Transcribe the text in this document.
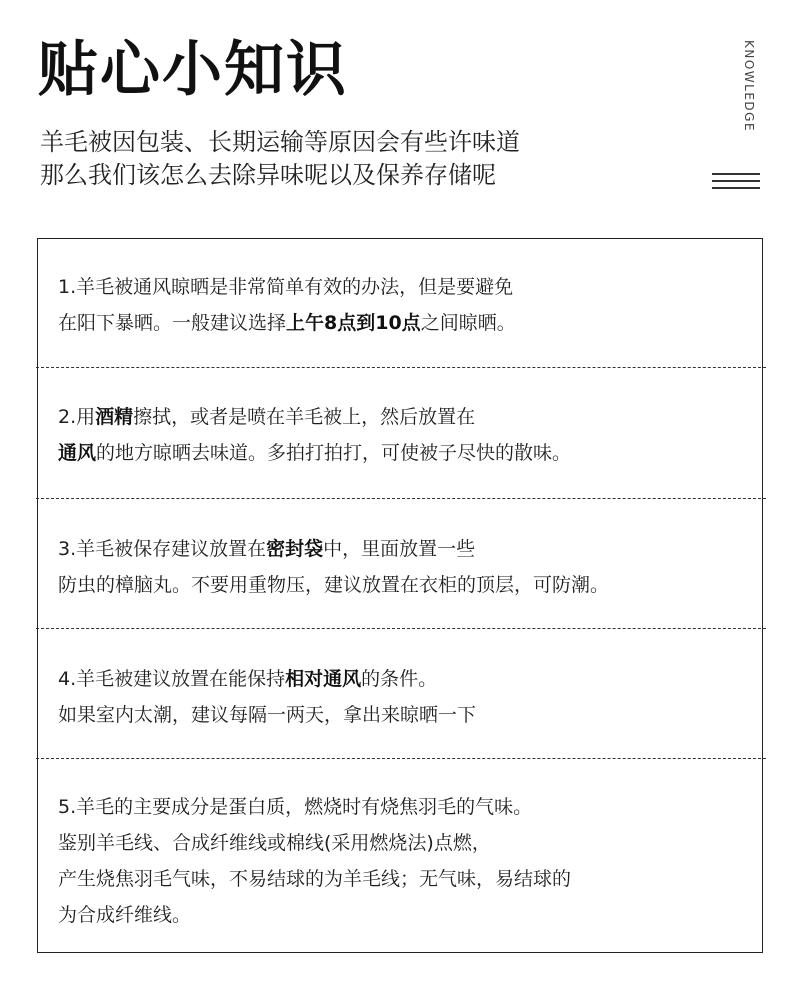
贴心小知识
羊毛被因包装、长期运输等原因会有些许味道
那么我们该怎么去除异味呢以及保养存储呢
KNOWLEDGE
1.羊毛被通风晾晒是非常简单有效的办法，但是要避免
在阳下暴晒。一般建议选择上午8点到10点之间晾晒。
2.用酒精擦拭，或者是喷在羊毛被上，然后放置在
通风的地方晾晒去味道。多拍打拍打，可使被子尽快的散味。
3.羊毛被保存建议放置在密封袋中，里面放置一些
防虫的樟脑丸。不要用重物压，建议放置在衣柜的顶层，可防潮。
4.羊毛被建议放置在能保持相对通风的条件。
如果室内太潮，建议每隔一两天，拿出来晾晒一下
5.羊毛的主要成分是蛋白质，燃烧时有烧焦羽毛的气味。
鉴别羊毛线、合成纤维线或棉线(采用燃烧法)点燃，
产生烧焦羽毛气味，不易结球的为羊毛线；无气味，易结球的
为合成纤维线。
